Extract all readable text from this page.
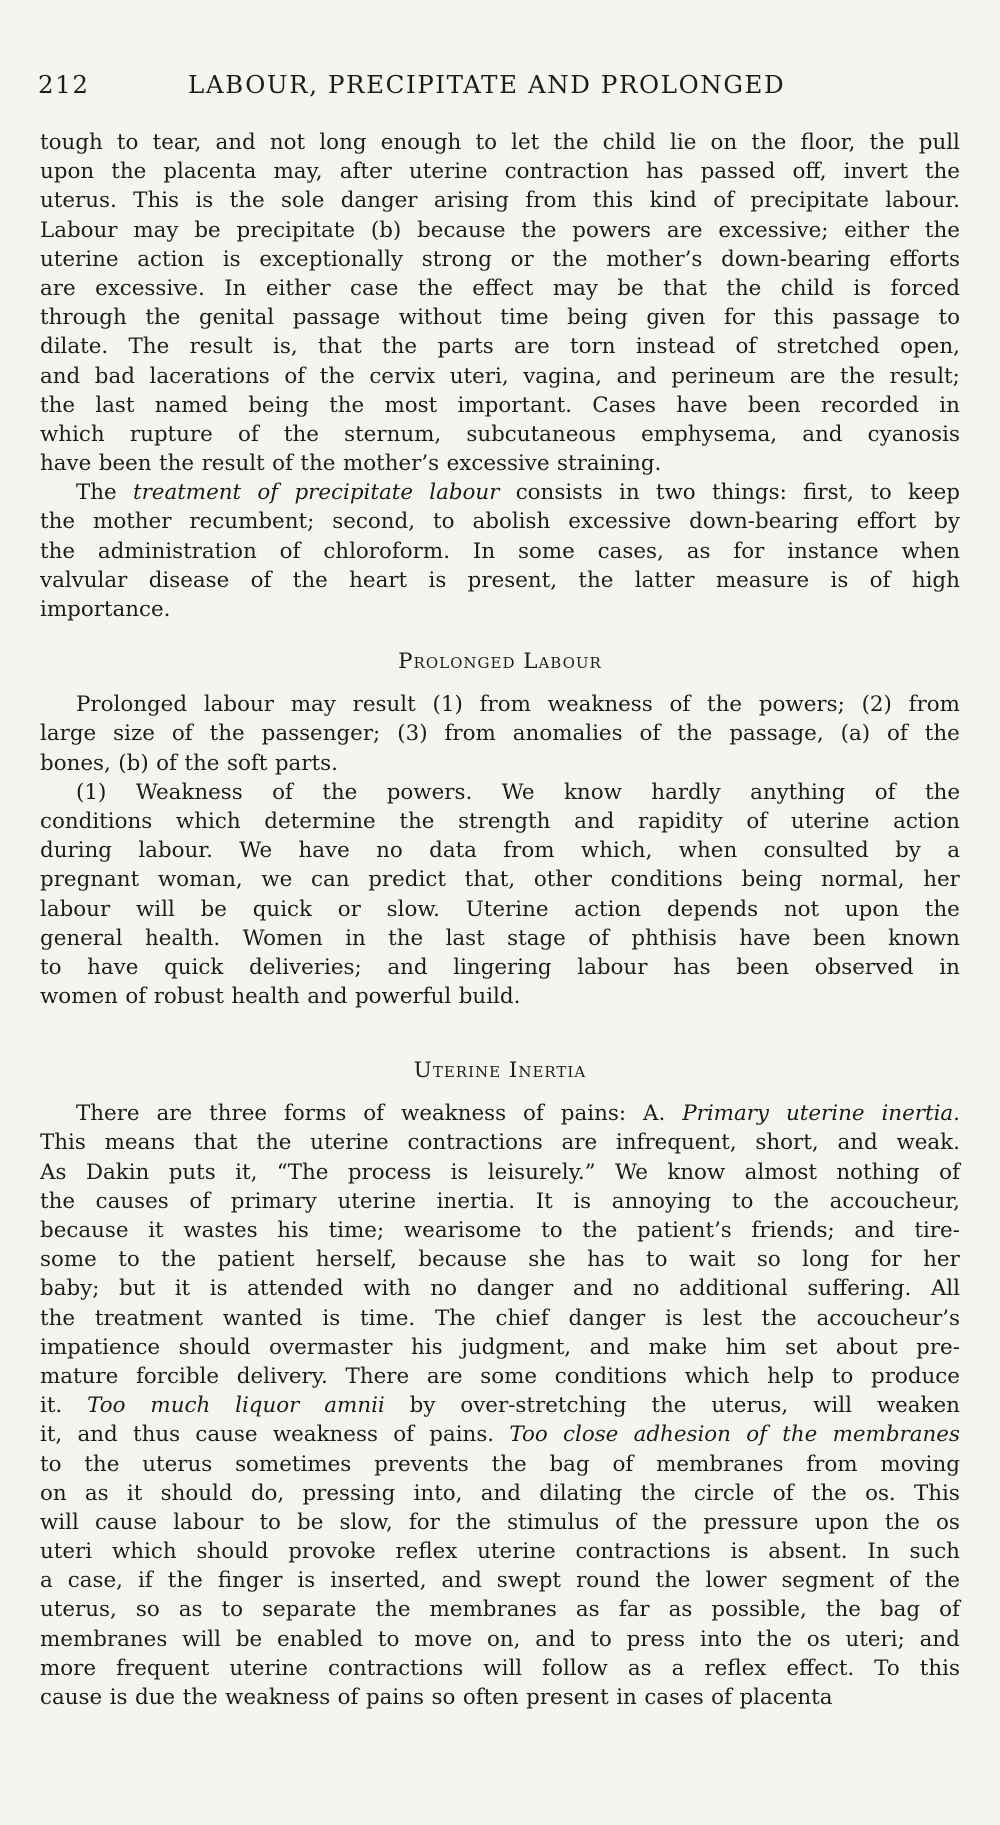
212	LABOUR, PRECIPITATE AND PROLONGED
tough to tear, and not long enough to let the child lie on the floor, the pull
upon the placenta may, after uterine contraction has passed off, invert the
uterus. This is the sole danger arising from this kind of precipitate labour.
Labour may be precipitate (b) because the powers are excessive; either the
uterine action is exceptionally strong or the mother’s down-bearing efforts
are excessive. In either case the effect may be that the child is forced
through the genital passage without time being given for this passage to
dilate. The result is, that the parts are torn instead of stretched open,
and bad lacerations of the cervix uteri, vagina, and perineum are the result;
the last named being the most important. Cases have been recorded in
which rupture of the sternum, subcutaneous emphysema, and cyanosis
have been the result of the mother’s excessive straining.
The treatment of precipitate labour consists in two things: first, to keep
the mother recumbent; second, to abolish excessive down-bearing effort by
the administration of chloroform. In some cases, as for instance when
valvular disease of the heart is present, the latter measure is of high
importance.
Prolonged Labour
Prolonged labour may result (1) from weakness of the powers; (2) from
large size of the passenger; (3) from anomalies of the passage, (a) of the
bones, (b) of the soft parts.
(1) Weakness of the powers. We know hardly anything of the
conditions which determine the strength and rapidity of uterine action
during labour. We have no data from which, when consulted by a
pregnant woman, we can predict that, other conditions being normal, her
labour will be quick or slow. Uterine action depends not upon the
general health. Women in the last stage of phthisis have been known
to have quick deliveries; and lingering labour has been observed in
women of robust health and powerful build.
Uterine Inertia
There are three forms of weakness of pains: A. Primary uterine inertia.
This means that the uterine contractions are infrequent, short, and weak.
As Dakin puts it, “The process is leisurely.” We know almost nothing of
the causes of primary uterine inertia. It is annoying to the accoucheur,
because it wastes his time; wearisome to the patient’s friends; and tire-
some to the patient herself, because she has to wait so long for her
baby; but it is attended with no danger and no additional suffering. All
the treatment wanted is time. The chief danger is lest the accoucheur’s
impatience should overmaster his judgment, and make him set about pre-
mature forcible delivery. There are some conditions which help to produce
it. Too much liquor amnii by over-stretching the uterus, will weaken
it, and thus cause weakness of pains. Too close adhesion of the membranes
to the uterus sometimes prevents the bag of membranes from moving
on as it should do, pressing into, and dilating the circle of the os. This
will cause labour to be slow, for the stimulus of the pressure upon the os
uteri which should provoke reflex uterine contractions is absent. In such
a case, if the finger is inserted, and swept round the lower segment of the
uterus, so as to separate the membranes as far as possible, the bag of
membranes will be enabled to move on, and to press into the os uteri; and
more frequent uterine contractions will follow as a reflex effect. To this
cause is due the weakness of pains so often present in cases of placenta
